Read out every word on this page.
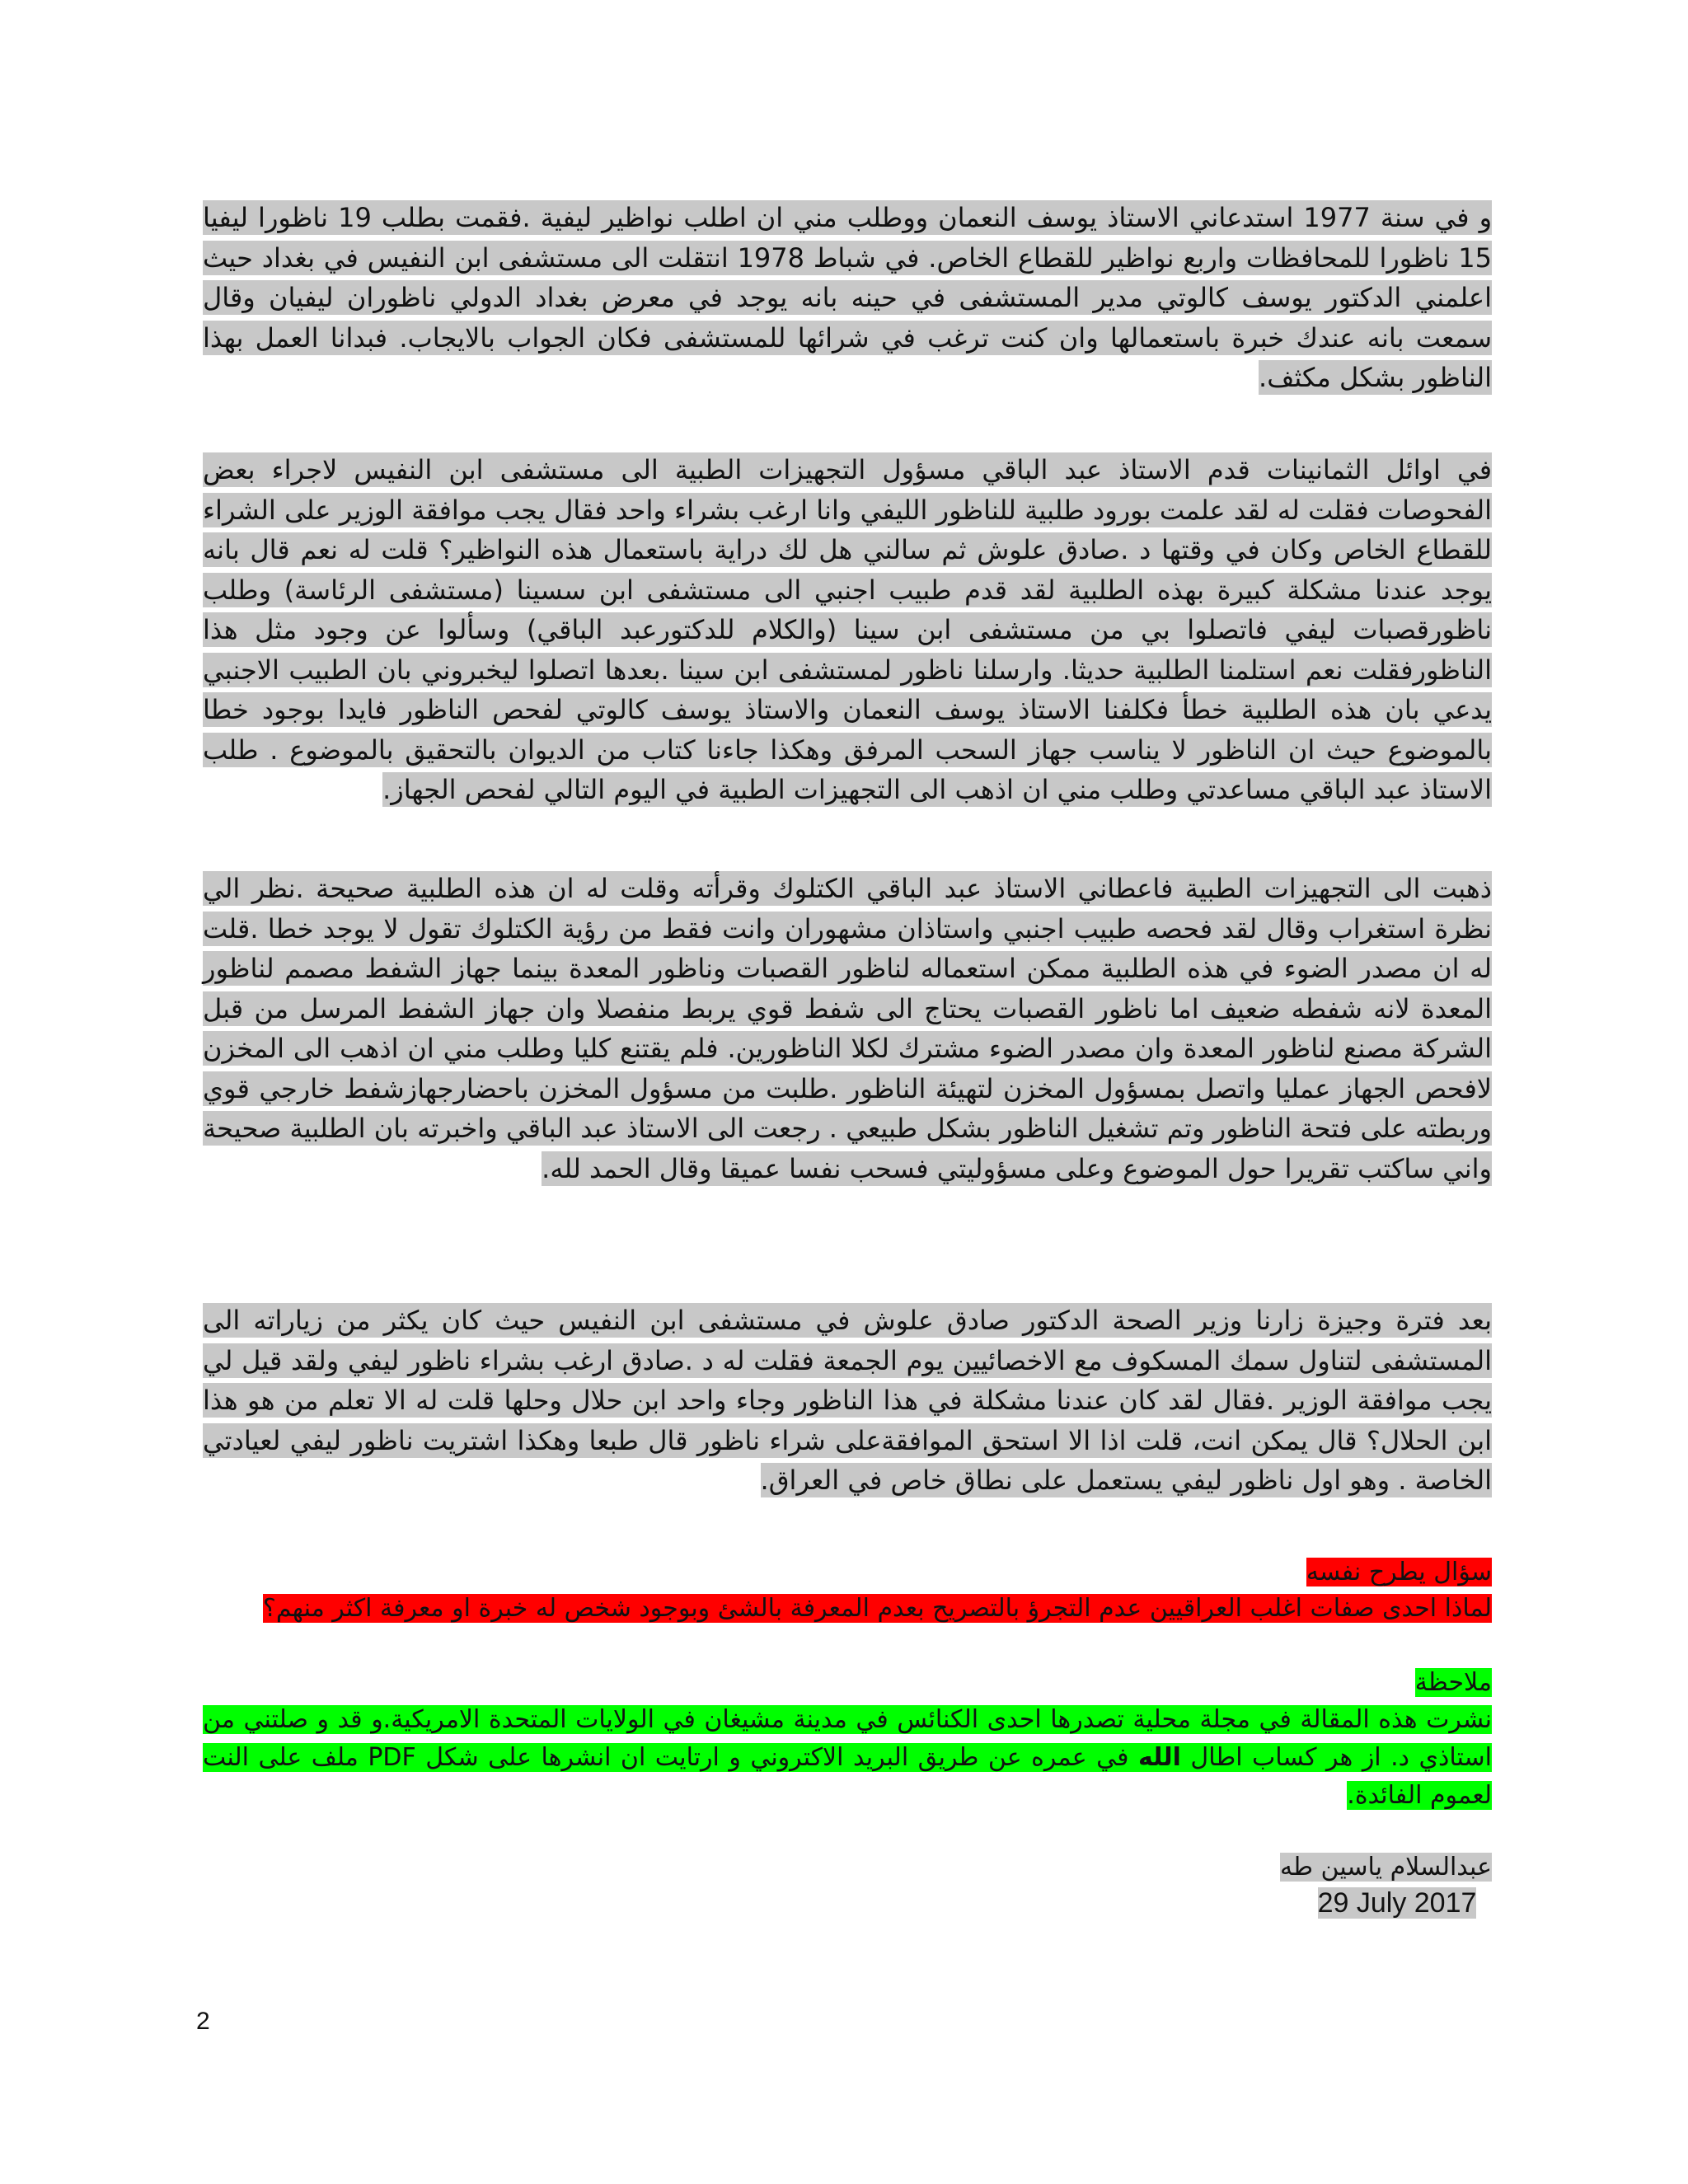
و في سنة 1977 استدعاني الاستاذ يوسف النعمان ووطلب مني ان اطلب نواظير ليفية .فقمت بطلب 19 ناظورا ليفيا 15 ناظورا للمحافظات واربع نواظير للقطاع الخاص. في شباط 1978 انتقلت الى مستشفى ابن النفيس في بغداد حيث اعلمني الدكتور يوسف كالوتي مدير المستشفى في حينه بانه يوجد في معرض بغداد الدولي ناظوران ليفيان وقال سمعت بانه عندك خبرة باستعمالها وان كنت ترغب في شرائها للمستشفى فكان الجواب بالايجاب. فبدانا العمل بهذا الناظور بشكل مكثف.
في اوائل الثمانينات قدم الاستاذ عبد الباقي مسؤول التجهيزات الطبية الى مستشفى ابن النفيس لاجراء بعض الفحوصات فقلت له لقد علمت بورود طلبية للناظور الليفي وانا ارغب بشراء واحد فقال يجب موافقة الوزير على الشراء للقطاع الخاص وكان في وقتها د .صادق علوش ثم سالني هل لك دراية باستعمال هذه النواظير؟ قلت له نعم قال بانه يوجد عندنا مشكلة كبيرة بهذه الطلبية لقد قدم طبيب اجنبي الى مستشفى ابن سسينا (مستشفى الرئاسة) وطلب ناظورقصبات ليفي فاتصلوا بي من مستشفى ابن سينا (والكلام للدكتورعبد الباقي) وسألوا عن وجود مثل هذا الناظورفقلت نعم استلمنا الطلبية حديثا. وارسلنا ناظور لمستشفى ابن سينا .بعدها اتصلوا ليخبروني بان الطبيب الاجنبي يدعي بان هذه الطلبية خطأ فكلفنا الاستاذ يوسف النعمان والاستاذ يوسف كالوتي لفحص الناظور فايدا بوجود خطا بالموضوع حيث ان الناظور لا يناسب جهاز السحب المرفق وهكذا جاءنا كتاب من الديوان بالتحقيق بالموضوع . طلب الاستاذ عبد الباقي مساعدتي وطلب مني ان اذهب الى التجهيزات الطبية في اليوم التالي لفحص الجهاز.
ذهبت الى التجهيزات الطبية فاعطاني الاستاذ عبد الباقي الكتلوك وقرأته وقلت له ان هذه الطلبية صحيحة .نظر الي نظرة استغراب وقال لقد فحصه طبيب اجنبي واستاذان مشهوران وانت فقط من رؤية الكتلوك تقول لا يوجد خطا .قلت له ان مصدر الضوء في هذه الطلبية ممكن استعماله لناظور القصبات وناظور المعدة بينما جهاز الشفط مصمم لناظور المعدة لانه شفطه ضعيف اما ناظور القصبات يحتاج الى شفط قوي يربط منفصلا وان جهاز الشفط المرسل من قبل الشركة مصنع لناظور المعدة وان مصدر الضوء مشترك لكلا الناظورين. فلم يقتنع كليا وطلب مني ان اذهب الى المخزن لافحص الجهاز عمليا واتصل بمسؤول المخزن لتهيئة الناظور .طلبت من مسؤول المخزن باحضارجهازشفط خارجي قوي وربطته على فتحة الناظور وتم تشغيل الناظور بشكل طبيعي . رجعت الى الاستاذ عبد الباقي واخبرته بان الطلبية صحيحة واني ساكتب تقريرا حول الموضوع وعلى مسؤوليتي فسحب نفسا عميقا وقال الحمد لله.
بعد فترة وجيزة زارنا وزير الصحة الدكتور صادق علوش في مستشفى ابن النفيس حيث كان يكثر من زياراته الى المستشفى لتناول سمك المسكوف مع الاخصائيين يوم الجمعة فقلت له د .صادق ارغب بشراء ناظور ليفي ولقد قيل لي يجب موافقة الوزير .فقال لقد كان عندنا مشكلة في هذا الناظور وجاء واحد ابن حلال وحلها قلت له الا تعلم من هو هذا ابن الحلال؟ قال يمكن انت، قلت اذا الا استحق الموافقةعلى شراء ناظور قال طبعا وهكذا اشتريت ناظور ليفي لعيادتي الخاصة . وهو اول ناظور ليفي يستعمل على نطاق خاص في العراق.
سؤال يطرح نفسه
لماذا احدى صفات اغلب العراقيين عدم التجرؤ بالتصريح بعدم المعرفة بالشئ وبوجود شخص له خبرة او معرفة اكثر منهم؟
ملاحظة
نشرت هذه المقالة في مجلة محلية تصدرها احدى الكنائس في مدينة مشيغان في الولايات المتحدة الامريكية.و قد و صلتني من استاذي د. از هر كساب اطال الله في عمره عن طريق البريد الاكتروني و ارتايت ان انشرها على شكل PDF ملف على النت لعموم الفائدة.
عبدالسلام ياسين طه
29 July 2017
2
